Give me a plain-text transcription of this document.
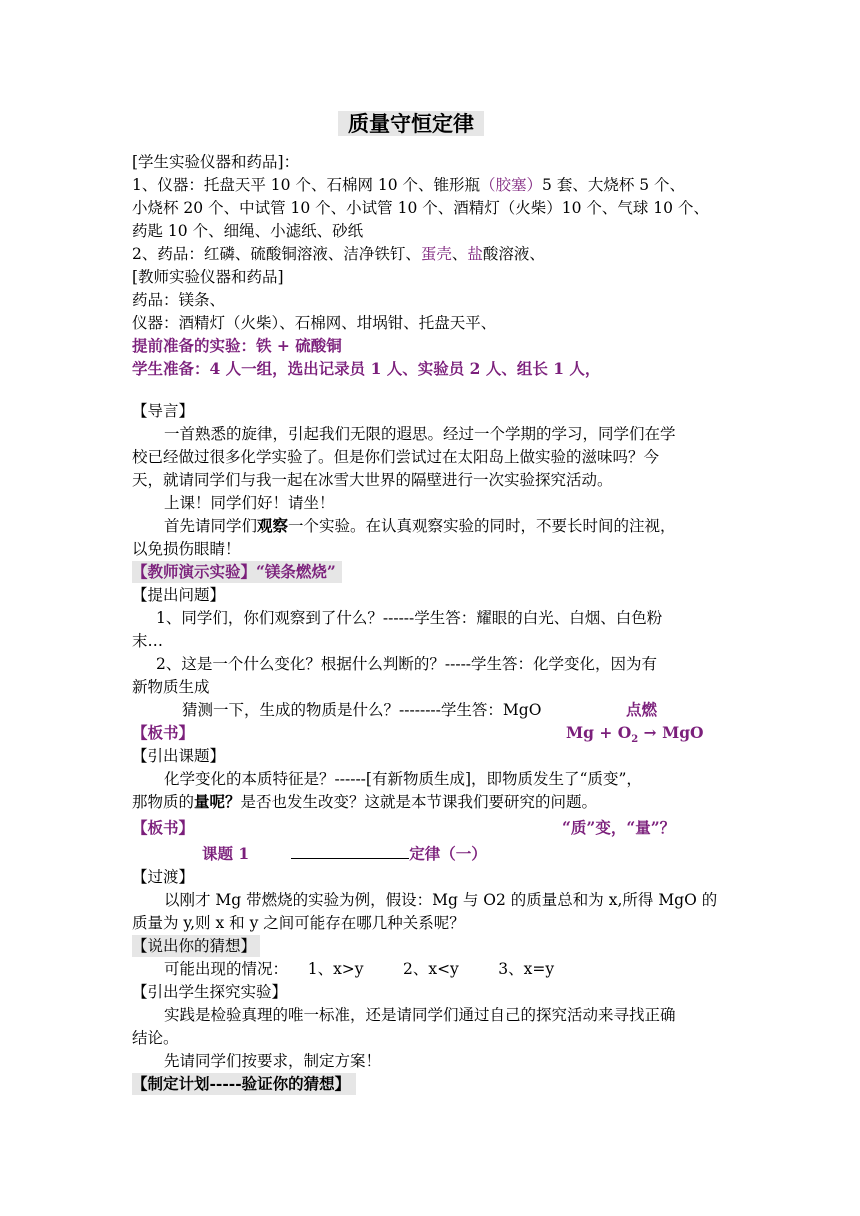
质量守恒定律
[学生实验仪器和药品]：
1、仪器：托盘天平 10 个、石棉网 10 个、锥形瓶（胶塞）5 套、大烧杯 5 个、
小烧杯 20 个、中试管 10 个、小试管 10 个、酒精灯（火柴）10 个、气球 10 个、
药匙 10 个、细绳、小滤纸、砂纸
2、药品：红磷、硫酸铜溶液、洁净铁钉、蛋壳、盐酸溶液、
[教师实验仪器和药品]
药品：镁条、
仪器：酒精灯（火柴）、石棉网、坩埚钳、托盘天平、
提前准备的实验：铁 + 硫酸铜
学生准备：4 人一组，选出记录员 1 人、实验员 2 人、组长 1 人，
【导言】
一首熟悉的旋律，引起我们无限的遐思。经过一个学期的学习，同学们在学
校已经做过很多化学实验了。但是你们尝试过在太阳岛上做实验的滋味吗？今
天，就请同学们与我一起在冰雪大世界的隔壁进行一次实验探究活动。
上课！同学们好！请坐！
首先请同学们观察一个实验。在认真观察实验的同时，不要长时间的注视，
以免损伤眼睛！
【教师演示实验】“镁条燃烧”
【提出问题】
1、同学们，你们观察到了什么？------学生答：耀眼的白光、白烟、白色粉
末…
2、这是一个什么变化？根据什么判断的？-----学生答：化学变化，因为有
新物质生成
猜测一下，生成的物质是什么？--------学生答：MgO	点燃
【板书】	$Mg + O_2$ → MgO
【引出课题】
化学变化的本质特征是？------[有新物质生成]，即物质发生了“质变”，
那物质的量呢？是否也发生改变？这就是本节课我们要研究的问题。
【板书】	“质”变，“量”？
课题 1	定律（一）
【过渡】
以刚才 Mg 带燃烧的实验为例，假设：Mg 与 O2 的质量总和为 x,所得 MgO 的
质量为 y,则 x 和 y 之间可能存在哪几种关系呢？
【说出你的猜想】
可能出现的情况：    1、x>y        2、x<y        3、x=y
【引出学生探究实验】
实践是检验真理的唯一标准，还是请同学们通过自己的探究活动来寻找正确
结论。
先请同学们按要求，制定方案！
【制定计划-----验证你的猜想】
